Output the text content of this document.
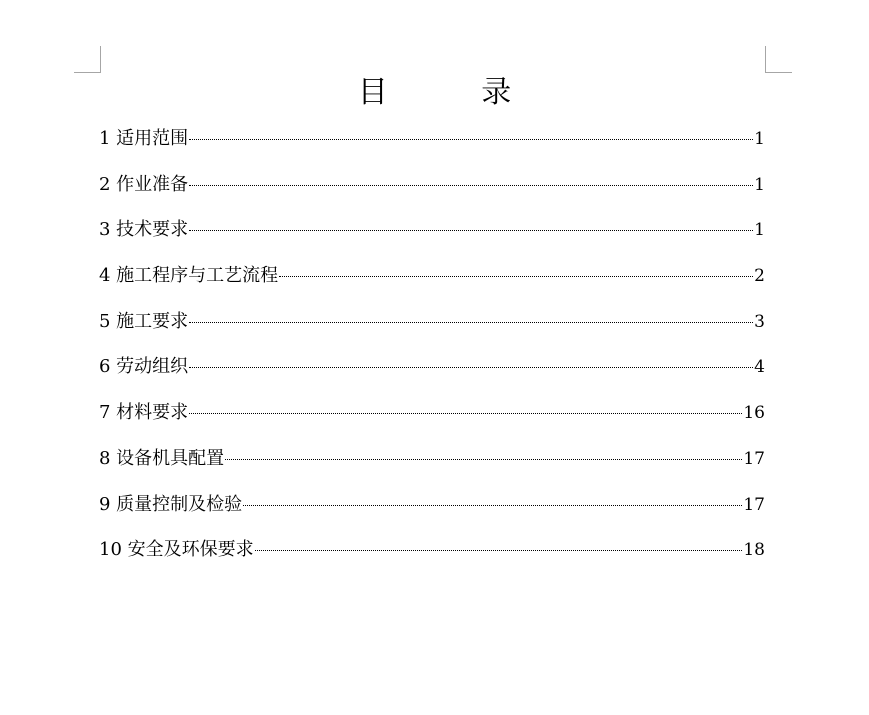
目 录
1 适用范围	1
2 作业准备	1
3 技术要求	1
4 施工程序与工艺流程	2
5 施工要求	3
6 劳动组织	4
7 材料要求	16
8 设备机具配置	17
9 质量控制及检验	17
10 安全及环保要求	18
